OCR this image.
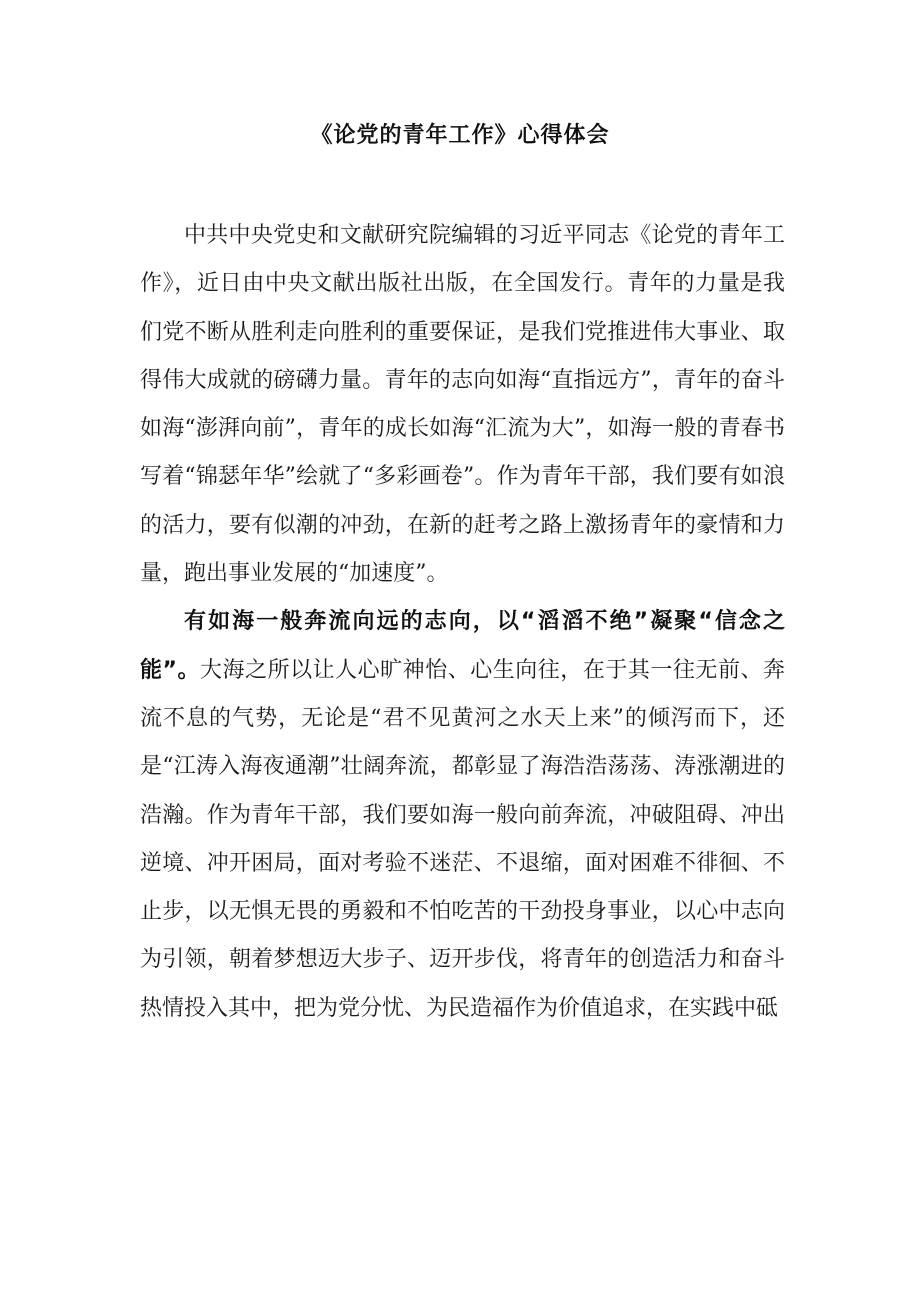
《论党的青年工作》心得体会

中共中央党史和文献研究院编辑的习近平同志《论党的青年工作》，近日由中央文献出版社出版，在全国发行。青年的力量是我们党不断从胜利走向胜利的重要保证，是我们党推进伟大事业、取得伟大成就的磅礴力量。青年的志向如海“直指远方”，青年的奋斗如海“澎湃向前”，青年的成长如海“汇流为大”，如海一般的青春书写着“锦瑟年华”绘就了“多彩画卷”。作为青年干部，我们要有如浪的活力，要有似潮的冲劲，在新的赶考之路上激扬青年的豪情和力量，跑出事业发展的“加速度”。

有如海一般奔流向远的志向，以“滔滔不绝”凝聚“信念之能”。大海之所以让人心旷神怡、心生向往，在于其一往无前、奔流不息的气势，无论是“君不见黄河之水天上来”的倾泻而下，还是“江涛入海夜通潮”壮阔奔流，都彰显了海浩浩荡荡、涛涨潮进的浩瀚。作为青年干部，我们要如海一般向前奔流，冲破阻碍、冲出逆境、冲开困局，面对考验不迷茫、不退缩，面对困难不徘徊、不止步，以无惧无畏的勇毅和不怕吃苦的干劲投身事业，以心中志向为引领，朝着梦想迈大步子、迈开步伐，将青年的创造活力和奋斗热情投入其中，把为党分忧、为民造福作为价值追求，在实践中砥
